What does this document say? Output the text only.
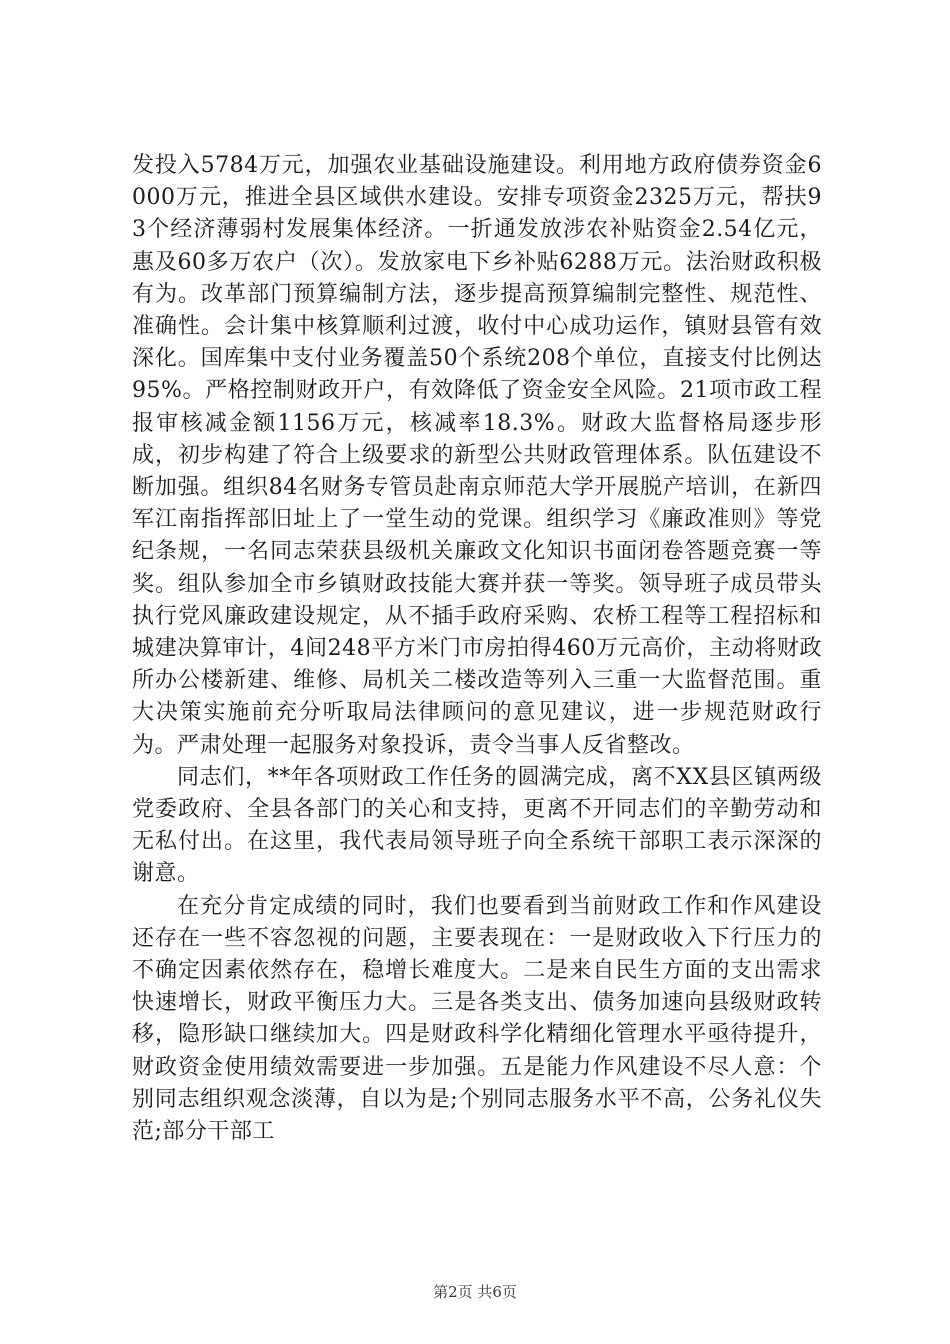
发投入5784万元，加强农业基础设施建设。利用地方政府债券资金6000万元，推进全县区域供水建设。安排专项资金2325万元，帮扶93个经济薄弱村发展集体经济。一折通发放涉农补贴资金2.54亿元，惠及60多万农户（次）。发放家电下乡补贴6288万元。法治财政积极有为。改革部门预算编制方法，逐步提高预算编制完整性、规范性、准确性。会计集中核算顺利过渡，收付中心成功运作，镇财县管有效深化。国库集中支付业务覆盖50个系统208个单位，直接支付比例达95%。严格控制财政开户，有效降低了资金安全风险。21项市政工程报审核减金额1156万元，核减率18.3%。财政大监督格局逐步形成，初步构建了符合上级要求的新型公共财政管理体系。队伍建设不断加强。组织84名财务专管员赴南京师范大学开展脱产培训，在新四军江南指挥部旧址上了一堂生动的党课。组织学习《廉政准则》等党纪条规，一名同志荣获县级机关廉政文化知识书面闭卷答题竞赛一等奖。组队参加全市乡镇财政技能大赛并获一等奖。领导班子成员带头执行党风廉政建设规定，从不插手政府采购、农桥工程等工程招标和城建决算审计，4间248平方米门市房拍得460万元高价，主动将财政所办公楼新建、维修、局机关二楼改造等列入三重一大监督范围。重大决策实施前充分听取局法律顾问的意见建议，进一步规范财政行为。严肃处理一起服务对象投诉，责令当事人反省整改。

同志们，**年各项财政工作任务的圆满完成，离不XX县区镇两级党委政府、全县各部门的关心和支持，更离不开同志们的辛勤劳动和无私付出。在这里，我代表局领导班子向全系统干部职工表示深深的谢意。

在充分肯定成绩的同时，我们也要看到当前财政工作和作风建设还存在一些不容忽视的问题，主要表现在：一是财政收入下行压力的不确定因素依然存在，稳增长难度大。二是来自民生方面的支出需求快速增长，财政平衡压力大。三是各类支出、债务加速向县级财政转移，隐形缺口继续加大。四是财政科学化精细化管理水平亟待提升，财政资金使用绩效需要进一步加强。五是能力作风建设不尽人意：个别同志组织观念淡薄，自以为是;个别同志服务水平不高，公务礼仪失范;部分干部工

第2页 共6页
